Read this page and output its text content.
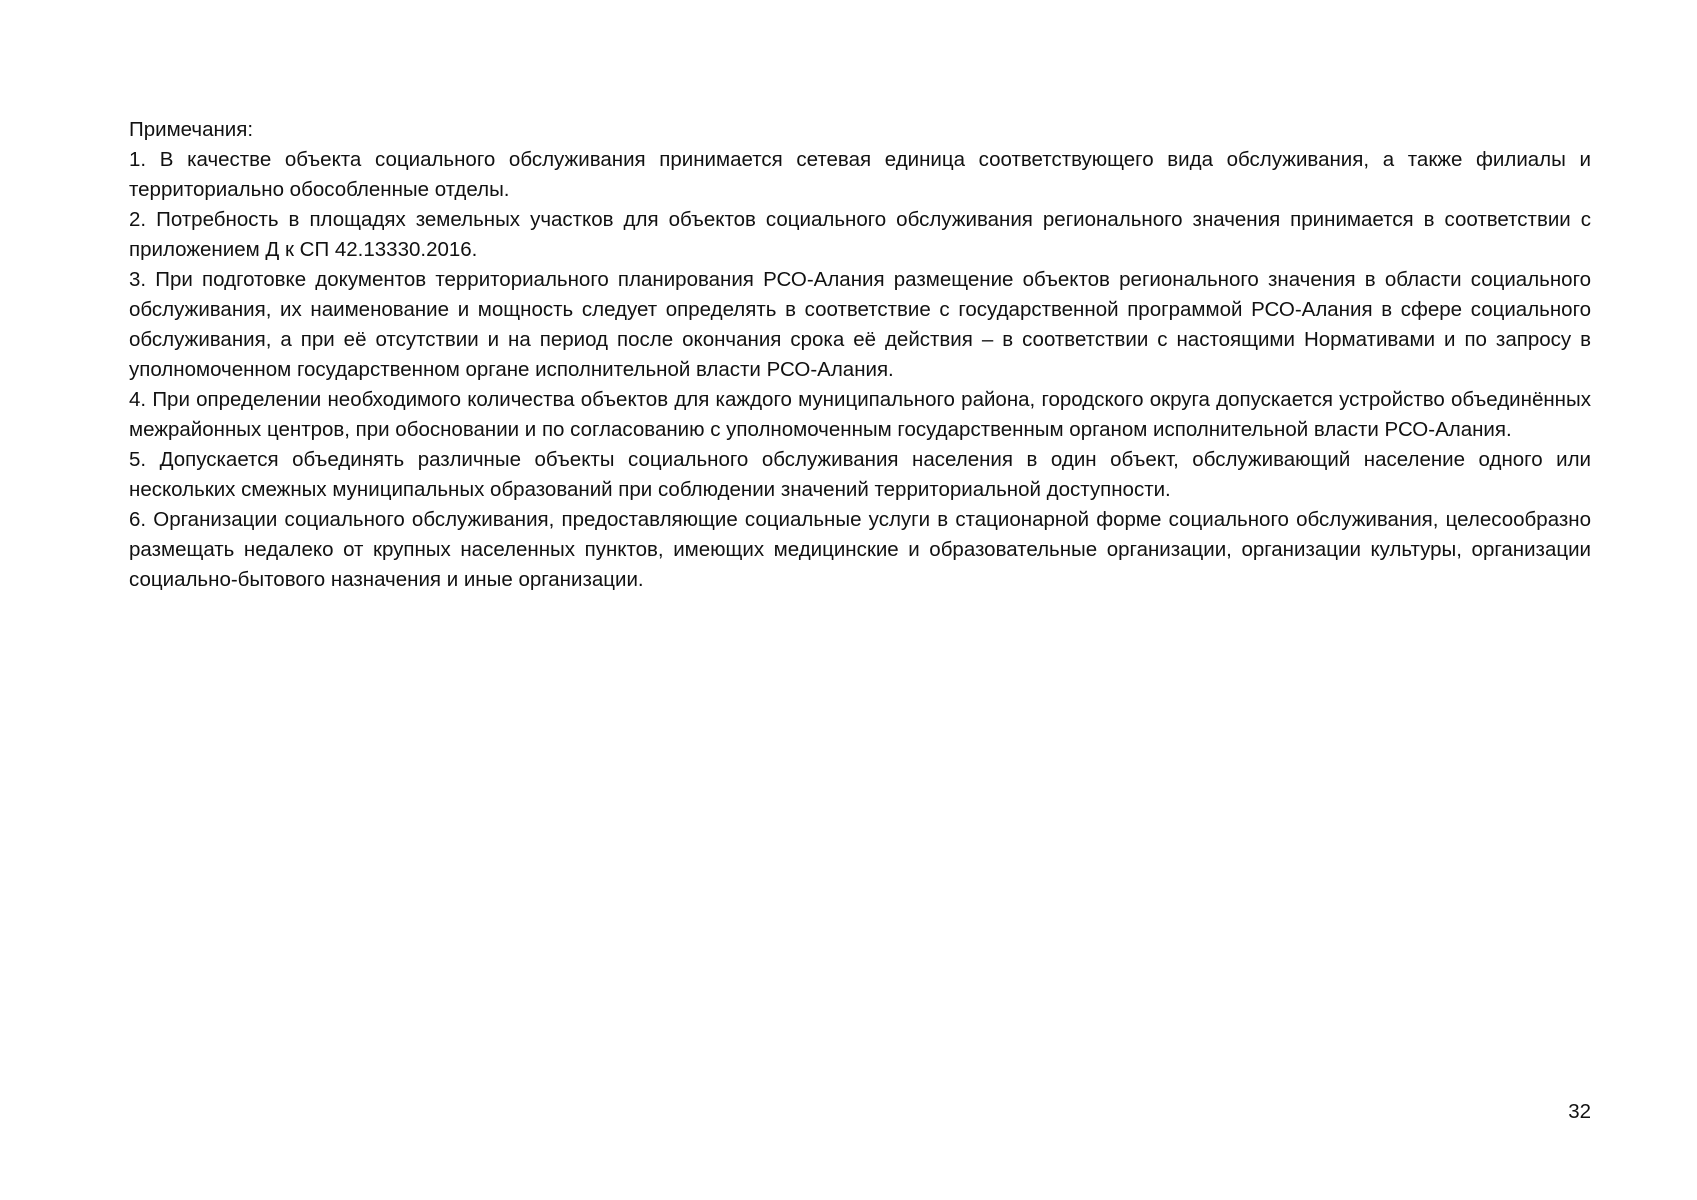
Примечания:

1. В качестве объекта социального обслуживания принимается сетевая единица соответствующего вида обслуживания, а также филиалы и территориально обособленные отделы.

2. Потребность в площадях земельных участков для объектов социального обслуживания регионального значения принимается в соответствии с приложением Д к СП 42.13330.2016.

3. При подготовке документов территориального планирования РСО-Алания размещение объектов регионального значения в области социального обслуживания, их наименование и мощность следует определять в соответствие с государственной программой РСО-Алания в сфере социального обслуживания, а при её отсутствии и на период после окончания срока её действия – в соответствии с настоящими Нормативами и по запросу в уполномоченном государственном органе исполнительной власти РСО-Алания.

4. При определении необходимого количества объектов для каждого муниципального района, городского округа допускается устройство объединённых межрайонных центров, при обосновании и по согласованию с уполномоченным государственным органом исполнительной власти РСО-Алания.

5. Допускается объединять различные объекты социального обслуживания населения в один объект, обслуживающий население одного или нескольких смежных муниципальных образований при соблюдении значений территориальной доступности.

6. Организации социального обслуживания, предоставляющие социальные услуги в стационарной форме социального обслуживания, целесообразно размещать недалеко от крупных населенных пунктов, имеющих медицинские и образовательные организации, организации культуры, организации социально-бытового назначения и иные организации.

32
